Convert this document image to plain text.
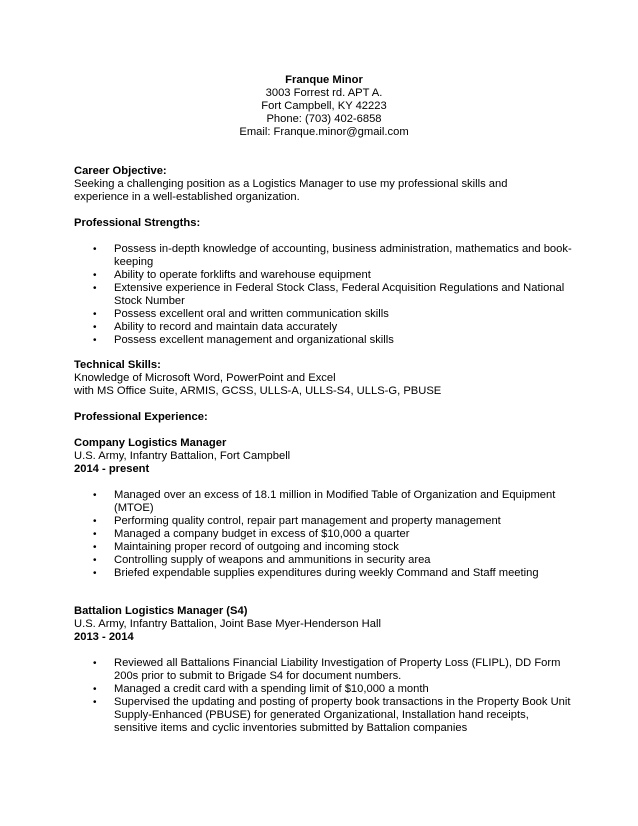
Franque Minor
3003 Forrest rd. APT A.
Fort Campbell, KY 42223
Phone: (703) 402-6858
Email: Franque.minor@gmail.com
Career Objective:
Seeking a challenging position as a Logistics Manager to use my professional skills and
experience in a well-established organization.
Professional Strengths:
• Possess in-depth knowledge of accounting, business administration, mathematics and book-keeping
• Ability to operate forklifts and warehouse equipment
• Extensive experience in Federal Stock Class, Federal Acquisition Regulations and National Stock Number
• Possess excellent oral and written communication skills
• Ability to record and maintain data accurately
• Possess excellent management and organizational skills
Technical Skills:
Knowledge of Microsoft Word, PowerPoint and Excel
with MS Office Suite, ARMIS, GCSS, ULLS-A, ULLS-S4, ULLS-G, PBUSE
Professional Experience:
Company Logistics Manager
U.S. Army, Infantry Battalion, Fort Campbell
2014 - present
• Managed over an excess of 18.1 million in Modified Table of Organization and Equipment (MTOE)
• Performing quality control, repair part management and property management
• Managed a company budget in excess of $10,000 a quarter
• Maintaining proper record of outgoing and incoming stock
• Controlling supply of weapons and ammunitions in security area
• Briefed expendable supplies expenditures during weekly Command and Staff meeting
Battalion Logistics Manager (S4)
U.S. Army, Infantry Battalion, Joint Base Myer-Henderson Hall
2013 - 2014
• Reviewed all Battalions Financial Liability Investigation of Property Loss (FLIPL), DD Form 200s prior to submit to Brigade S4 for document numbers.
• Managed a credit card with a spending limit of $10,000 a month
• Supervised the updating and posting of property book transactions in the Property Book Unit Supply-Enhanced (PBUSE) for generated Organizational, Installation hand receipts, sensitive items and cyclic inventories submitted by Battalion companies
